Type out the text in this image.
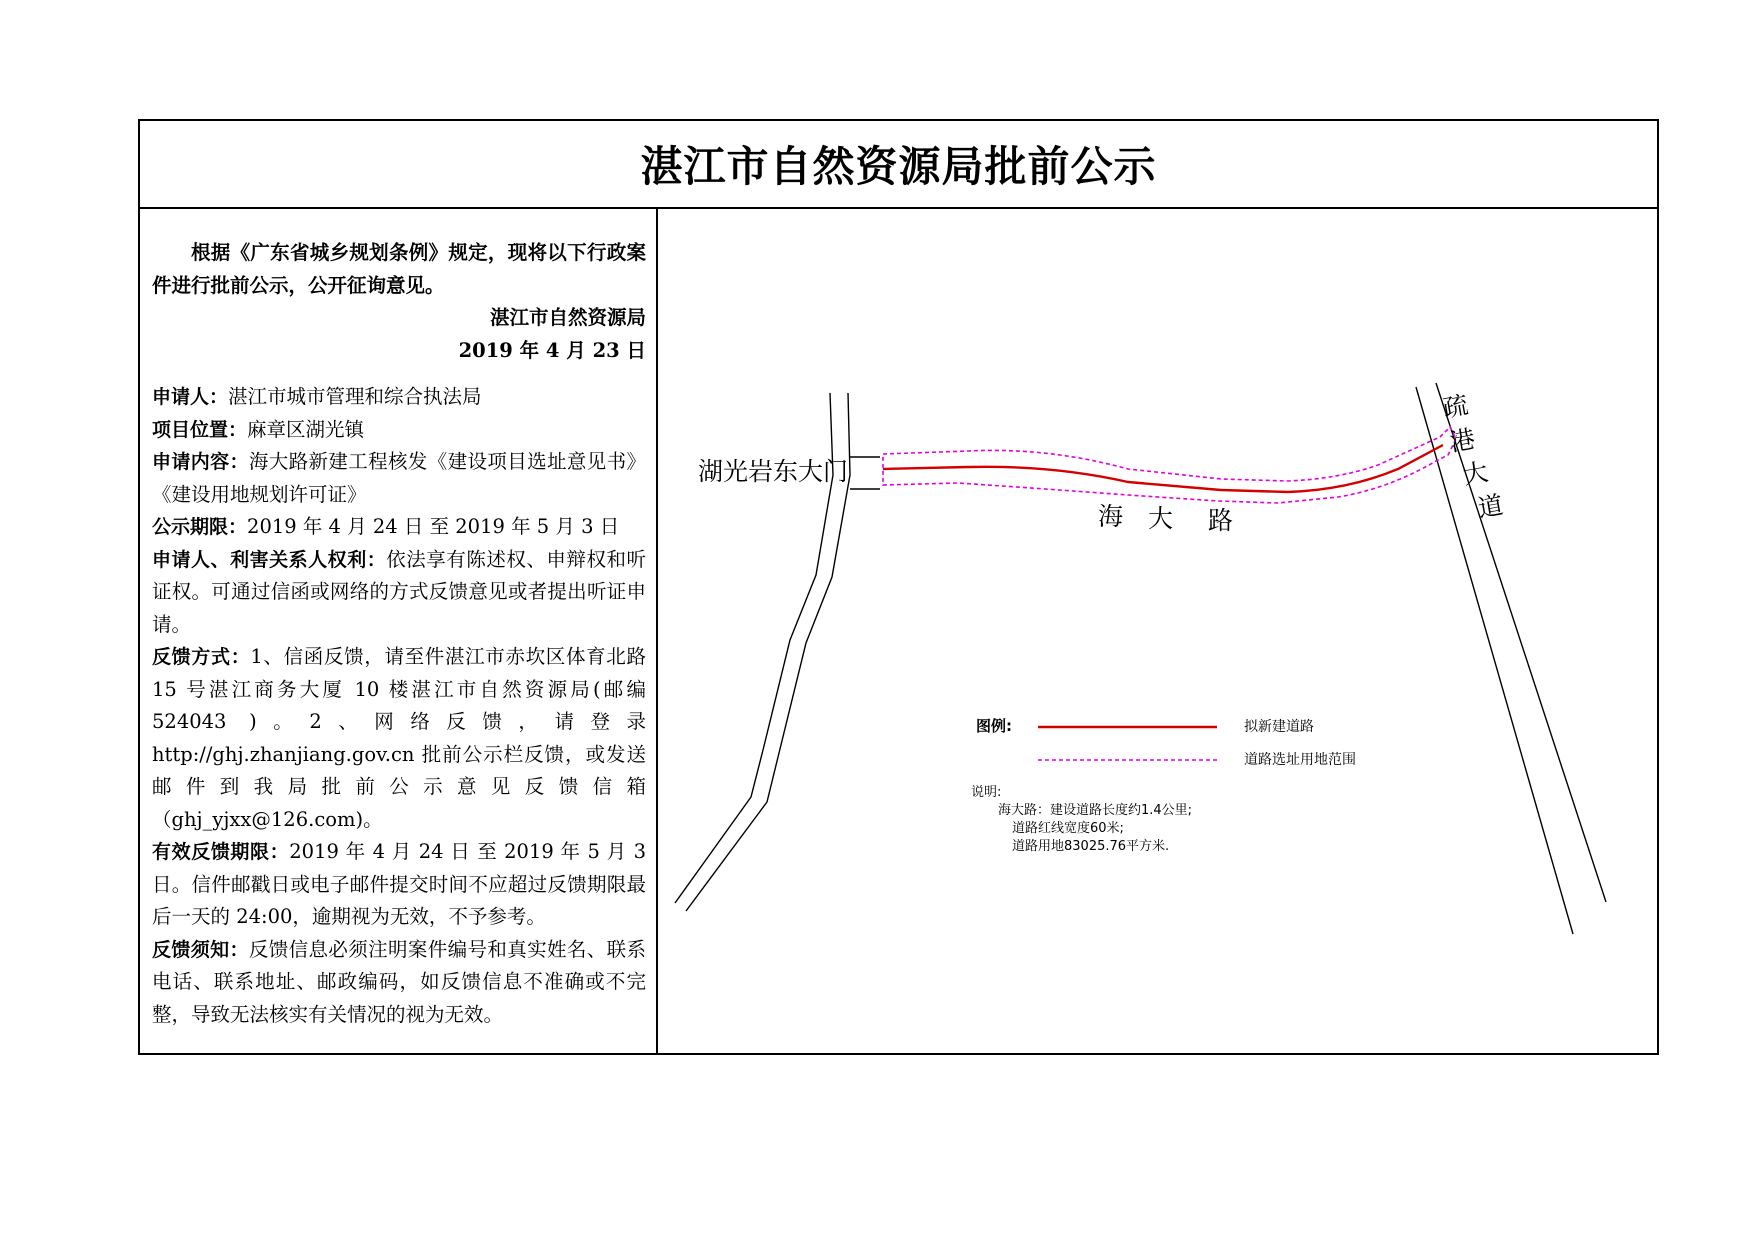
湛江市自然资源局批前公示

根据《广东省城乡规划条例》规定，现将以下行政案件进行批前公示，公开征询意见。

湛江市自然资源局
2019 年 4 月 23 日

申请人：湛江市城市管理和综合执法局

项目位置：麻章区湖光镇

申请内容：海大路新建工程核发《建设项目选址意见书》《建设用地规划许可证》

公示期限：2019 年 4 月 24 日 至 2019 年 5 月 3 日

申请人、利害关系人权利：依法享有陈述权、申辩权和听证权。可通过信函或网络的方式反馈意见或者提出听证申请。

反馈方式：1、信函反馈，请至件湛江市赤坎区体育北路 15 号湛江商务大厦 10 楼湛江市自然资源局(邮编 524043 )。2、网络反馈，请登录 http://ghj.zhanjiang.gov.cn 批前公示栏反馈，或发送邮件到我局批前公示意见反馈信箱（ghj_yjxx@126.com)。

有效反馈期限：2019 年 4 月 24 日 至 2019 年 5 月 3 日。信件邮戳日或电子邮件提交时间不应超过反馈期限最后一天的 24:00，逾期视为无效，不予参考。

反馈须知：反馈信息必须注明案件编号和真实姓名、联系电话、联系地址、邮政编码，如反馈信息不准确或不完整，导致无法核实有关情况的视为无效。

湖光岩东大门
海 大 路
疏
港
大
道
图例:	拟新建道路
道路选址用地范围
说明:
海大路：建设道路长度约1.4公里;
道路红线宽度60米;
道路用地83025.76平方米.
